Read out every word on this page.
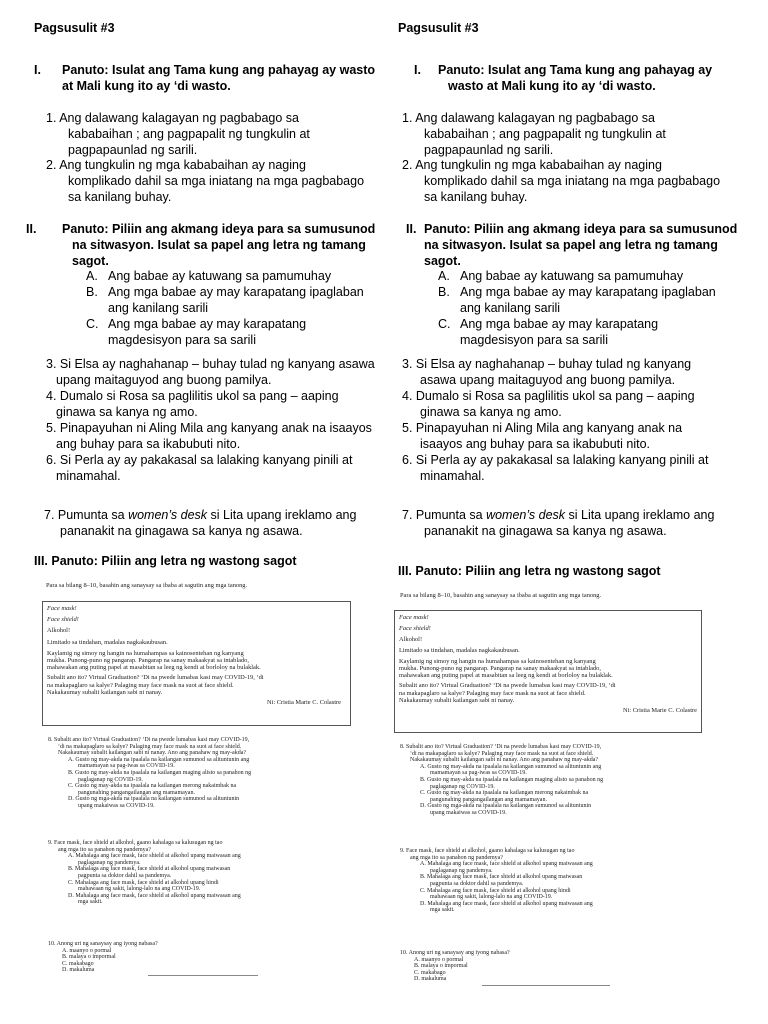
Pagsusulit #3
I. Panuto: Isulat ang Tama kung ang pahayag ay wasto
at Mali kung ito ay ‘di wasto.
1. Ang dalawang kalagayan ng pagbabago sa
kababaihan ; ang pagpapalit ng tungkulin at
pagpapaunlad ng sarili.
2. Ang tungkulin ng mga kababaihan ay naging
komplikado dahil sa mga iniatang na mga pagbabago
sa kanilang buhay.
II. Panuto: Piliin ang akmang ideya para sa sumusunod
na sitwasyon. Isulat sa papel ang letra ng tamang
sagot.
A. Ang babae ay katuwang sa pamumuhay
B. Ang mga babae ay may karapatang ipaglaban
ang kanilang sarili
C. Ang mga babae ay may karapatang
magdesisyon para sa sarili
3. Si Elsa ay naghahanap – buhay tulad ng kanyang asawa
upang maitaguyod ang buong pamilya.
4. Dumalo si Rosa sa paglilitis ukol sa pang – aaping
ginawa sa kanya ng amo.
5. Pinapayuhan ni Aling Mila ang kanyang anak na isaayos
ang buhay para sa ikabubuti nito.
6. Si Perla ay ay pakakasal sa lalaking kanyang pinili at
minamahal.
7. Pumunta sa women’s desk si Lita upang ireklamo ang
pananakit na ginagawa sa kanya ng asawa.
III. Panuto: Piliin ang letra ng wastong sagot
Para sa bilang 8–10, basahin ang sanaysay sa ibaba at sagutin ang mga tanong.
Face mask!
Face shield!
Alkohol!
Limitado sa tindahan, madalas nagkakaubusan.
Kaylamig ng simoy ng hangin na humahampas sa kainosentehan ng kanyang
mukha. Punong-puno ng pangarap. Pangarap na sanay makaakyat sa intablado,
mahawakan ang puting papel at masabitan sa leeg ng kendi at borloloy na bulaklak.
Subalit ano ito? Virtual Graduation? ‘Di na pwede lumabas kasi may COVID-19, ‘di
na makapaglaro sa kalye? Palaging may face mask na suot at face shield.
Nakakaumay subalit kailangan sabi ni nanay.
Ni: Cristia Marie C. Colastre
8. Subalit ano ito? Virtual Graduation? ‘Di na pwede lumabas kasi may COVID-19,
‘di na makapaglaro sa kalye? Palaging may face mask na suot at face shield.
Nakakaumay subalit kailangan sabi ni nanay. Ano ang panahaw ng may-akda?
A. Gusto ng may-akda na ipaalala na kailangan sumunod sa alituntunin ang
mamamayan sa pag-iwas sa COVID-19.
B. Gusto ng may-akda na ipaalala na kailangan maging alisto sa panahon ng
paglaganap ng COVID-19.
C. Gusto ng may-akda na ipaalala na kailangan merong nakaimbak na
pangunahing pangangailangan ang mamamayan.
D. Gusto ng mga-akda na ipaalala na kailangan sumunod sa alituntunin
upang makaiwas sa COVID-19.
9. Face mask, face shield at alkohol, gaano kahalaga sa kalusugan ng tao
ang mga ito sa panahon ng pandemya?
A. Mahalaga ang face mask, face shield at alkohol upang maiwasan ang
paglaganap ng pandemya.
B. Mahalaga ang face mask, face shield at alkohol upang maiwasan
pagpunta sa doktor dahil sa pandemya.
C. Mahalaga ang face mask, face shield at alkohol upang hindi
mahawaan ng sakit, lalong-lalo na ang COVID-19.
D. Mahalaga ang face mask, face shield at alkohol upang maiwasan ang
mga sakit.
10. Anong uri ng sanaysay ang iyong nabasa?
A. maanyo o pormal
B. malaya o impormal
C. makabago
D. makaluma
Pagsusulit #3
I. Panuto: Isulat ang Tama kung ang pahayag ay
wasto at Mali kung ito ay ‘di wasto.
1. Ang dalawang kalagayan ng pagbabago sa
kababaihan ; ang pagpapalit ng tungkulin at
pagpapaunlad ng sarili.
2. Ang tungkulin ng mga kababaihan ay naging
komplikado dahil sa mga iniatang na mga pagbabago
sa kanilang buhay.
II. Panuto: Piliin ang akmang ideya para sa sumusunod
na sitwasyon. Isulat sa papel ang letra ng tamang
sagot.
A. Ang babae ay katuwang sa pamumuhay
B. Ang mga babae ay may karapatang ipaglaban
ang kanilang sarili
C. Ang mga babae ay may karapatang
magdesisyon para sa sarili
3. Si Elsa ay naghahanap – buhay tulad ng kanyang
asawa upang maitaguyod ang buong pamilya.
4. Dumalo si Rosa sa paglilitis ukol sa pang – aaping
ginawa sa kanya ng amo.
5. Pinapayuhan ni Aling Mila ang kanyang anak na
isaayos ang buhay para sa ikabubuti nito.
6. Si Perla ay ay pakakasal sa lalaking kanyang pinili at
minamahal.
7. Pumunta sa women’s desk si Lita upang ireklamo ang
pananakit na ginagawa sa kanya ng asawa.
III. Panuto: Piliin ang letra ng wastong sagot
Para sa bilang 8–10, basahin ang sanaysay sa ibaba at sagutin ang mga tanong.
Face mask!
Face shield!
Alkohol!
Limitado sa tindahan, madalas nagkakaubusan.
Kaylamig ng simoy ng hangin na humahampas sa kainosentehan ng kanyang
mukha. Punong-puno ng pangarap. Pangarap na sanay makaakyat sa intablado,
mahawakan ang puting papel at masabitan sa leeg ng kendi at borloloy na bulaklak.
Subalit ano ito? Virtual Graduation? ‘Di na pwede lumabas kasi may COVID-19, ‘di
na makapaglaro sa kalye? Palaging may face mask na suot at face shield.
Nakakaumay subalit kailangan sabi ni nanay.
Ni: Cristia Marie C. Colastre
8. Subalit ano ito? Virtual Graduation? ‘Di na pwede lumabas kasi may COVID-19,
‘di na makapaglaro sa kalye? Palaging may face mask na suot at face shield.
Nakakaumay subalit kailangan sabi ni nanay. Ano ang panahaw ng may-akda?
A. Gusto ng may-akda na ipaalala na kailangan sumunod sa alituntunin ang
mamamayan sa pag-iwas sa COVID-19.
B. Gusto ng may-akda na ipaalala na kailangan maging alisto sa panahon ng
paglaganap ng COVID-19.
C. Gusto ng may-akda na ipaalala na kailangan merong nakaimbak na
pangunahing pangangailangan ang mamamayan.
D. Gusto ng mga-akda na ipaalala na kailangan sumunod sa alituntunin
upang makaiwas sa COVID-19.
9. Face mask, face shield at alkohol, gaano kahalaga sa kalusugan ng tao
ang mga ito sa panahon ng pandemya?
A. Mahalaga ang face mask, face shield at alkohol upang maiwasan ang
paglaganap ng pandemya.
B. Mahalaga ang face mask, face shield at alkohol upang maiwasan
pagpunta sa doktor dahil sa pandemya.
C. Mahalaga ang face mask, face shield at alkohol upang hindi
mahawaan ng sakit, lalong-lalo na ang COVID-19.
D. Mahalaga ang face mask, face shield at alkohol upang maiwasan ang
mga sakit.
10. Anong uri ng sanaysay ang iyong nabasa?
A. maanyo o pormal
B. malaya o impormal
C. makabago
D. makaluma
